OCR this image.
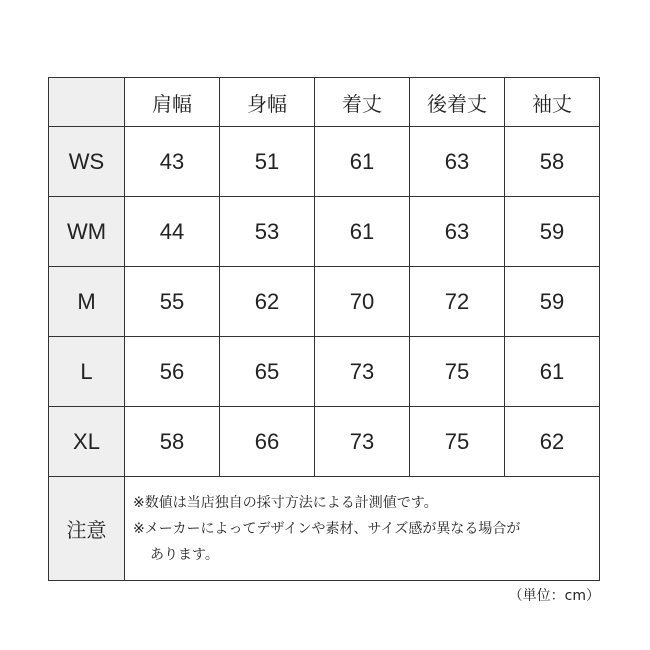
	肩幅	身幅	着丈	後着丈	袖丈
WS	43	51	61	63	58
WM	44	53	61	63	59
M	55	62	70	72	59
L	56	65	73	75	61
XL	58	66	73	75	62
注意	※数値は当店独自の採寸方法による計測値です。
※メーカーによってデザインや素材、サイズ感が異なる場合が
あります。				
（単位：cm）
